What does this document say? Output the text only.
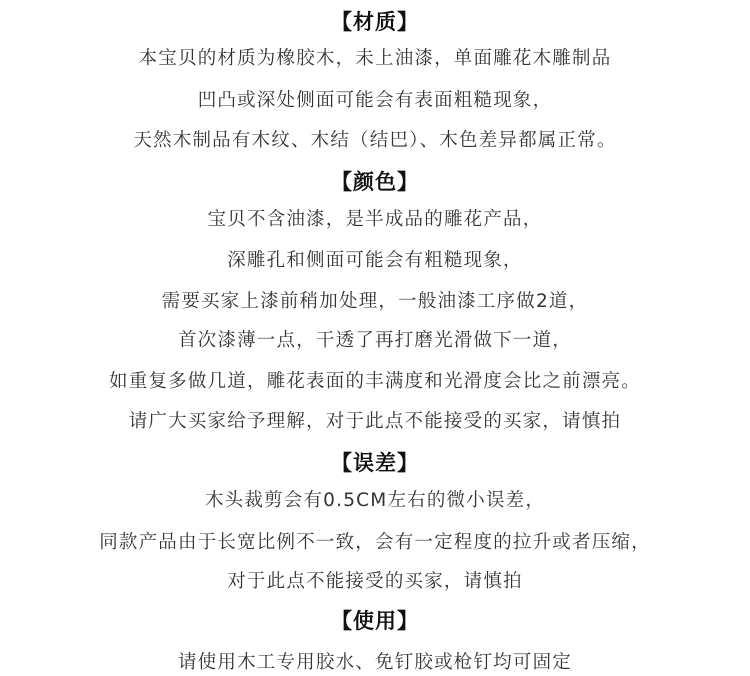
【材质】
本宝贝的材质为橡胶木，未上油漆，单面雕花木雕制品
凹凸或深处侧面可能会有表面粗糙现象，
天然木制品有木纹、木结（结巴）、木色差异都属正常。
【颜色】
宝贝不含油漆，是半成品的雕花产品，
深雕孔和侧面可能会有粗糙现象，
需要买家上漆前稍加处理，一般油漆工序做2道，
首次漆薄一点，干透了再打磨光滑做下一道，
如重复多做几道，雕花表面的丰满度和光滑度会比之前漂亮。
请广大买家给予理解，对于此点不能接受的买家，请慎拍
【误差】
木头裁剪会有0.5CM左右的微小误差，
同款产品由于长宽比例不一致，会有一定程度的拉升或者压缩，
对于此点不能接受的买家，请慎拍
【使用】
请使用木工专用胶水、免钉胶或枪钉均可固定
